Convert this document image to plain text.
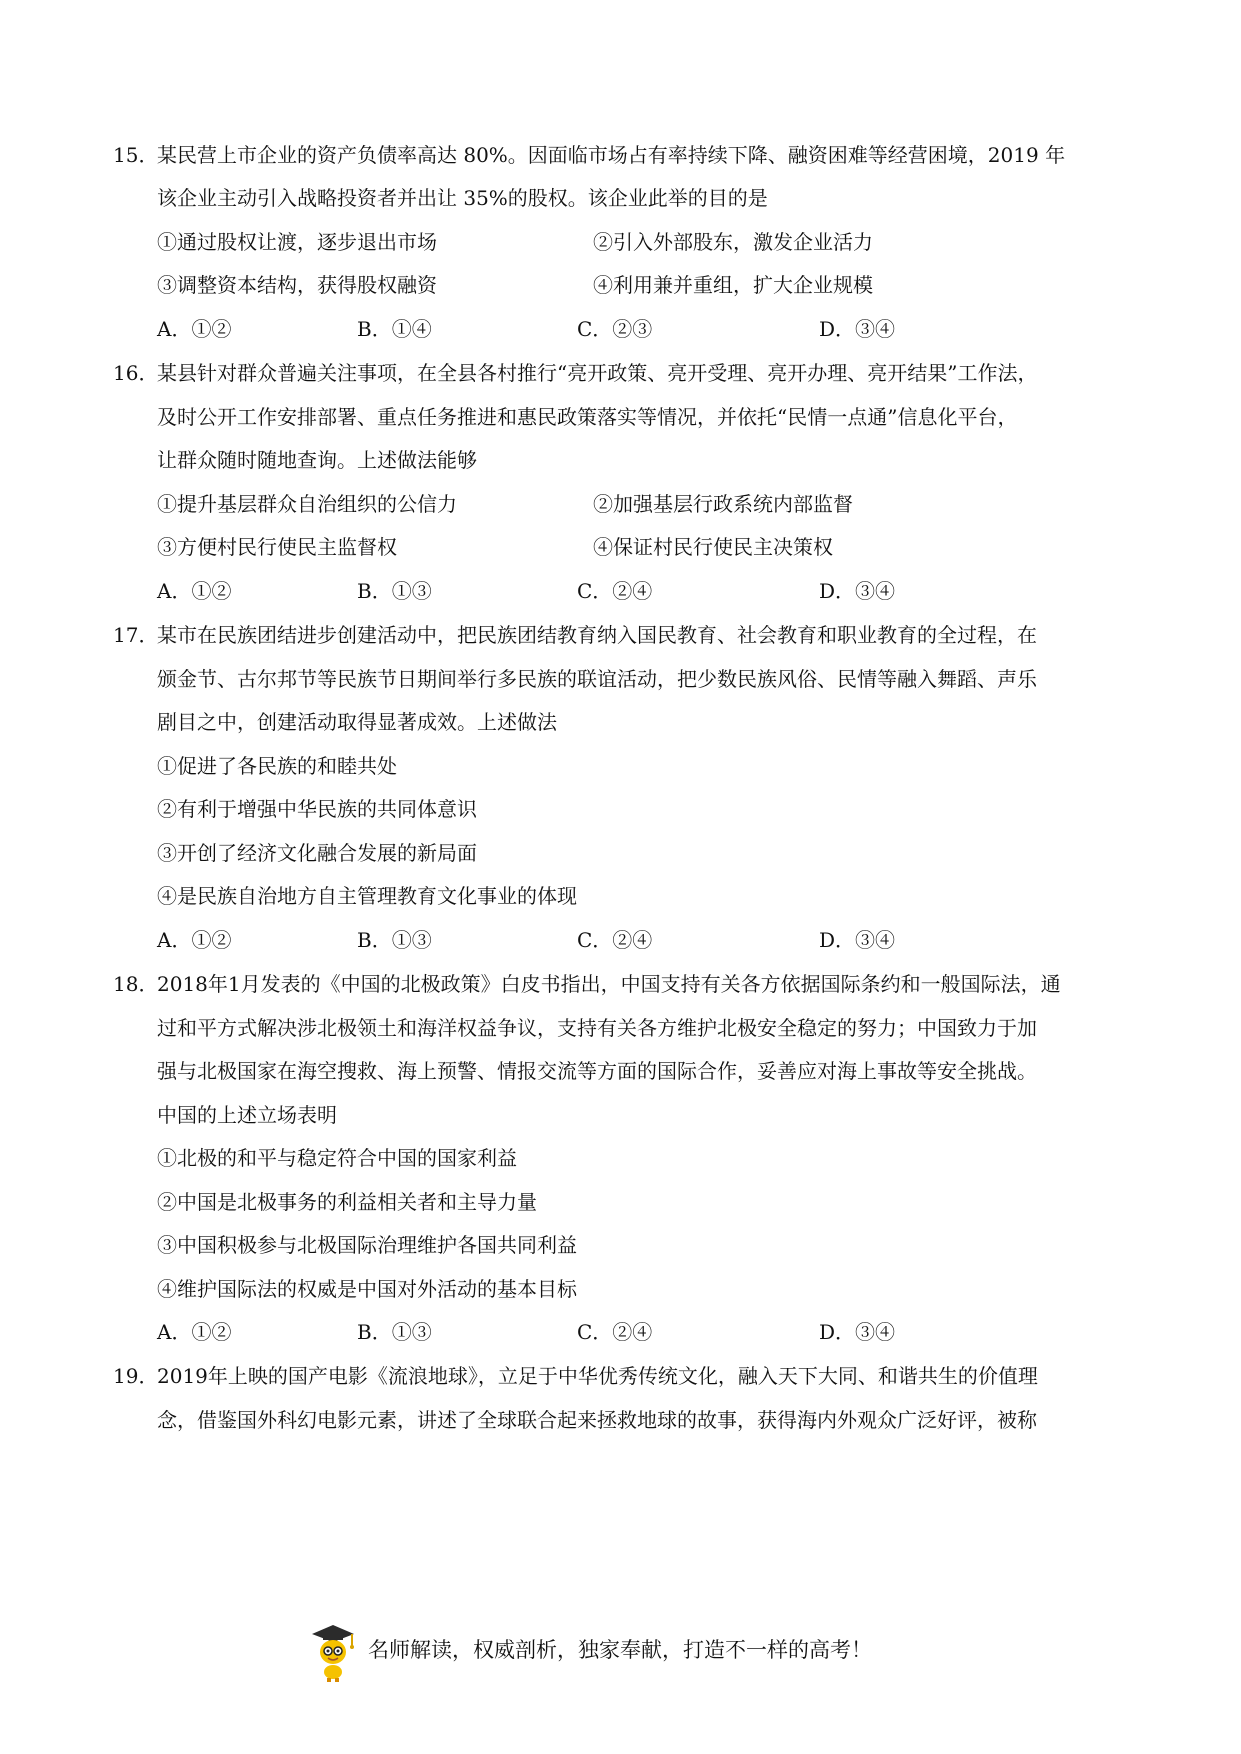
15．
某民营上市企业的资产负债率高达 80%。因面临市场占有率持续下降、融资困难等经营困境，2019 年
该企业主动引入战略投资者并出让 35%的股权。该企业此举的目的是
①通过股权让渡，逐步退出市场	②引入外部股东，激发企业活力
③调整资本结构，获得股权融资	④利用兼并重组，扩大企业规模
A．①②	B．①④	C．②③	D．③④
16．
某县针对群众普遍关注事项，在全县各村推行“亮开政策、亮开受理、亮开办理、亮开结果”工作法，
及时公开工作安排部署、重点任务推进和惠民政策落实等情况，并依托“民情一点通”信息化平台，
让群众随时随地查询。上述做法能够
①提升基层群众自治组织的公信力	②加强基层行政系统内部监督
③方便村民行使民主监督权	④保证村民行使民主决策权
A．①②	B．①③	C．②④	D．③④
17．
某市在民族团结进步创建活动中，把民族团结教育纳入国民教育、社会教育和职业教育的全过程，在
颁金节、古尔邦节等民族节日期间举行多民族的联谊活动，把少数民族风俗、民情等融入舞蹈、声乐
剧目之中，创建活动取得显著成效。上述做法
①促进了各民族的和睦共处
②有利于增强中华民族的共同体意识
③开创了经济文化融合发展的新局面
④是民族自治地方自主管理教育文化事业的体现
A．①②	B．①③	C．②④	D．③④
18．
2018年1月发表的《中国的北极政策》白皮书指出，中国支持有关各方依据国际条约和一般国际法，通
过和平方式解决涉北极领土和海洋权益争议，支持有关各方维护北极安全稳定的努力；中国致力于加
强与北极国家在海空搜救、海上预警、情报交流等方面的国际合作，妥善应对海上事故等安全挑战。
中国的上述立场表明
①北极的和平与稳定符合中国的国家利益
②中国是北极事务的利益相关者和主导力量
③中国积极参与北极国际治理维护各国共同利益
④维护国际法的权威是中国对外活动的基本目标
A．①②	B．①③	C．②④	D．③④
19．
2019年上映的国产电影《流浪地球》，立足于中华优秀传统文化，融入天下大同、和谐共生的价值理
念，借鉴国外科幻电影元素，讲述了全球联合起来拯救地球的故事，获得海内外观众广泛好评，被称
名师解读，权威剖析，独家奉献，打造不一样的高考！
